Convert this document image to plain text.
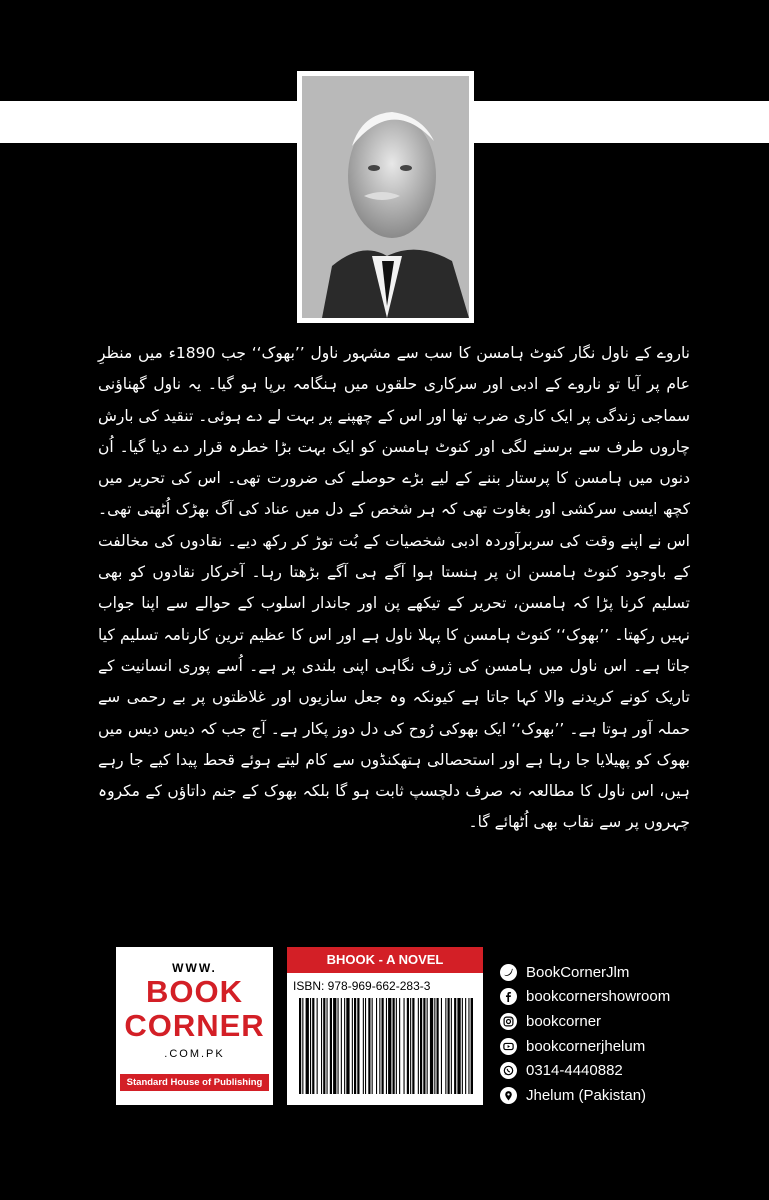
ناروے کے ناول نگار کنوٹ ہامسن کا سب سے مشہور ناول ’’بھوک‘‘ جب 1890ء میں منظرِ عام پر آیا تو ناروے کے ادبی اور سرکاری حلقوں میں ہنگامہ برپا ہو گیا۔ یہ ناول گھناؤنی سماجی زندگی پر ایک کاری ضرب تھا اور اس کے چھپنے پر بہت لے دے ہوئی۔ تنقید کی بارش چاروں طرف سے برسنے لگی اور کنوٹ ہامسن کو ایک بہت بڑا خطرہ قرار دے دیا گیا۔ اُن دنوں میں ہامسن کا پرستار بننے کے لیے بڑے حوصلے کی ضرورت تھی۔ اس کی تحریر میں کچھ ایسی سرکشی اور بغاوت تھی کہ ہر شخص کے دل میں عناد کی آگ بھڑک اُٹھتی تھی۔ اس نے اپنے وقت کی سربرآوردہ ادبی شخصیات کے بُت توڑ کر رکھ دیے۔ نقادوں کی مخالفت کے باوجود کنوٹ ہامسن ان پر ہنستا ہوا آگے ہی آگے بڑھتا رہا۔ آخرکار نقادوں کو بھی تسلیم کرنا پڑا کہ ہامسن، تحریر کے تیکھے پن اور جاندار اسلوب کے حوالے سے اپنا جواب نہیں رکھتا۔ ’’بھوک‘‘ کنوٹ ہامسن کا پہلا ناول ہے اور اس کا عظیم ترین کارنامہ تسلیم کیا جاتا ہے۔ اس ناول میں ہامسن کی ژرف نگاہی اپنی بلندی پر ہے۔ اُسے پوری انسانیت کے تاریک کونے کریدنے والا کہا جاتا ہے کیونکہ وہ جعل سازیوں اور غلاظتوں پر بے رحمی سے حملہ آور ہوتا ہے۔ ’’بھوک‘‘ ایک بھوکی رُوح کی دل دوز پکار ہے۔ آج جب کہ دیس دیس میں بھوک کو پھیلایا جا رہا ہے اور استحصالی ہتھکنڈوں سے کام لیتے ہوئے قحط پیدا کیے جا رہے ہیں، اس ناول کا مطالعہ نہ صرف دلچسپ ثابت ہو گا بلکہ بھوک کے جنم داتاؤں کے مکروہ چہروں پر سے نقاب بھی اُٹھائے گا۔
WWW.
BOOK
CORNER
.COM.PK
Standard House of Publishing
BHOOK - A NOVEL
ISBN: 978-969-662-283-3
BookCornerJlm
bookcornershowroom
bookcorner
bookcornerjhelum
0314-4440882
Jhelum (Pakistan)
